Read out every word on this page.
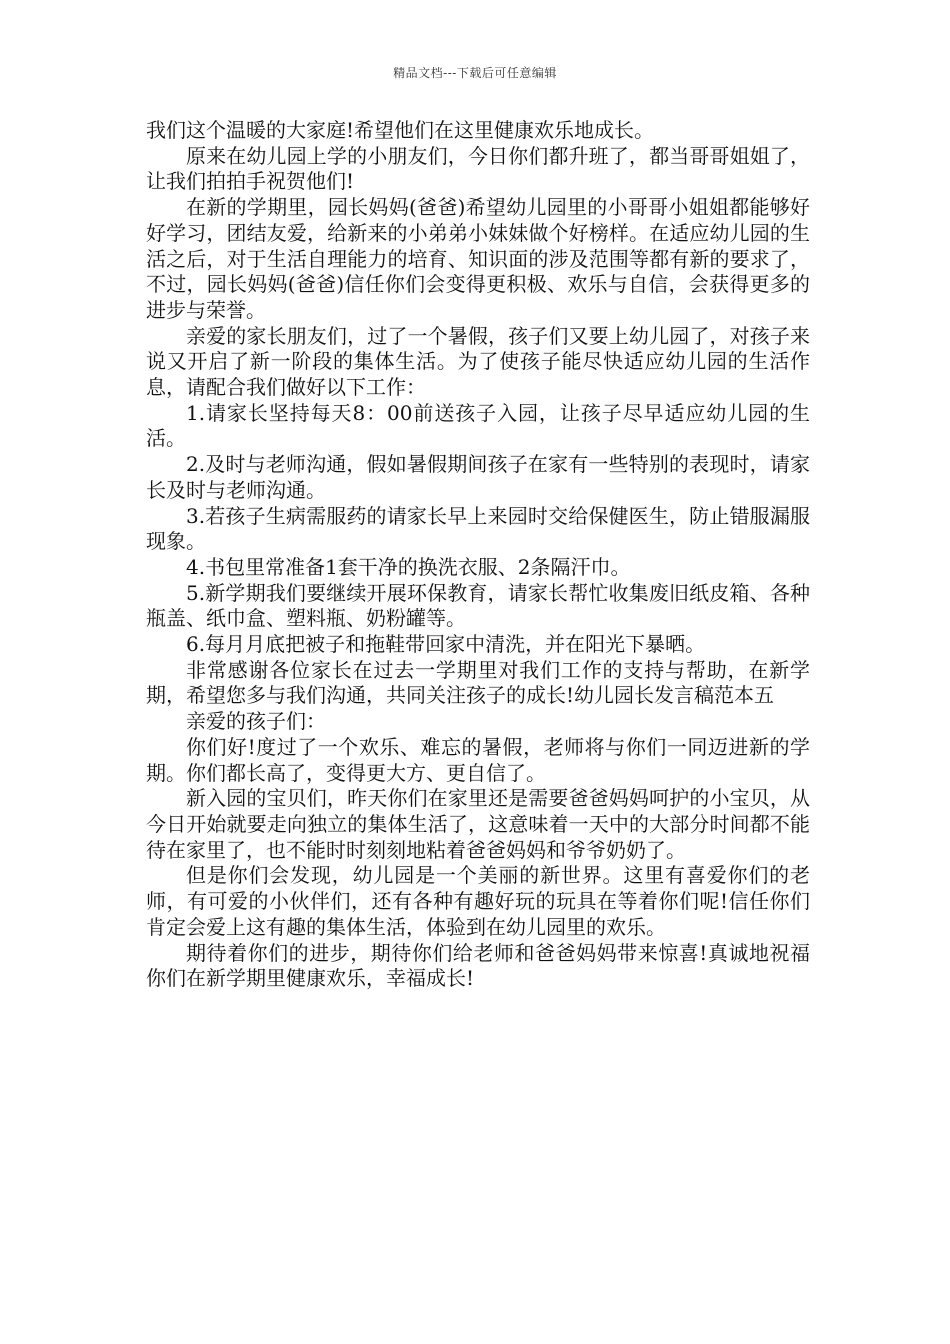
精品文档---下载后可任意编辑

我们这个温暖的大家庭!希望他们在这里健康欢乐地成长。

原来在幼儿园上学的小朋友们，今日你们都升班了，都当哥哥姐姐了，让我们拍拍手祝贺他们!

在新的学期里，园长妈妈(爸爸)希望幼儿园里的小哥哥小姐姐都能够好好学习，团结友爱，给新来的小弟弟小妹妹做个好榜样。在适应幼儿园的生活之后，对于生活自理能力的培育、知识面的涉及范围等都有新的要求了，不过，园长妈妈(爸爸)信任你们会变得更积极、欢乐与自信，会获得更多的进步与荣誉。

亲爱的家长朋友们，过了一个暑假，孩子们又要上幼儿园了，对孩子来说又开启了新一阶段的集体生活。为了使孩子能尽快适应幼儿园的生活作息，请配合我们做好以下工作：

1.请家长坚持每天8：00前送孩子入园，让孩子尽早适应幼儿园的生活。

2.及时与老师沟通，假如暑假期间孩子在家有一些特别的表现时，请家长及时与老师沟通。

3.若孩子生病需服药的请家长早上来园时交给保健医生，防止错服漏服现象。

4.书包里常准备1套干净的换洗衣服、2条隔汗巾。

5.新学期我们要继续开展环保教育，请家长帮忙收集废旧纸皮箱、各种瓶盖、纸巾盒、塑料瓶、奶粉罐等。

6.每月月底把被子和拖鞋带回家中清洗，并在阳光下暴晒。

非常感谢各位家长在过去一学期里对我们工作的支持与帮助，在新学期，希望您多与我们沟通，共同关注孩子的成长!幼儿园长发言稿范本五

亲爱的孩子们：

你们好!度过了一个欢乐、难忘的暑假，老师将与你们一同迈进新的学期。你们都长高了，变得更大方、更自信了。

新入园的宝贝们，昨天你们在家里还是需要爸爸妈妈呵护的小宝贝，从今日开始就要走向独立的集体生活了，这意味着一天中的大部分时间都不能待在家里了，也不能时时刻刻地粘着爸爸妈妈和爷爷奶奶了。

但是你们会发现，幼儿园是一个美丽的新世界。这里有喜爱你们的老师，有可爱的小伙伴们，还有各种有趣好玩的玩具在等着你们呢!信任你们肯定会爱上这有趣的集体生活，体验到在幼儿园里的欢乐。

期待着你们的进步，期待你们给老师和爸爸妈妈带来惊喜!真诚地祝福你们在新学期里健康欢乐，幸福成长!
